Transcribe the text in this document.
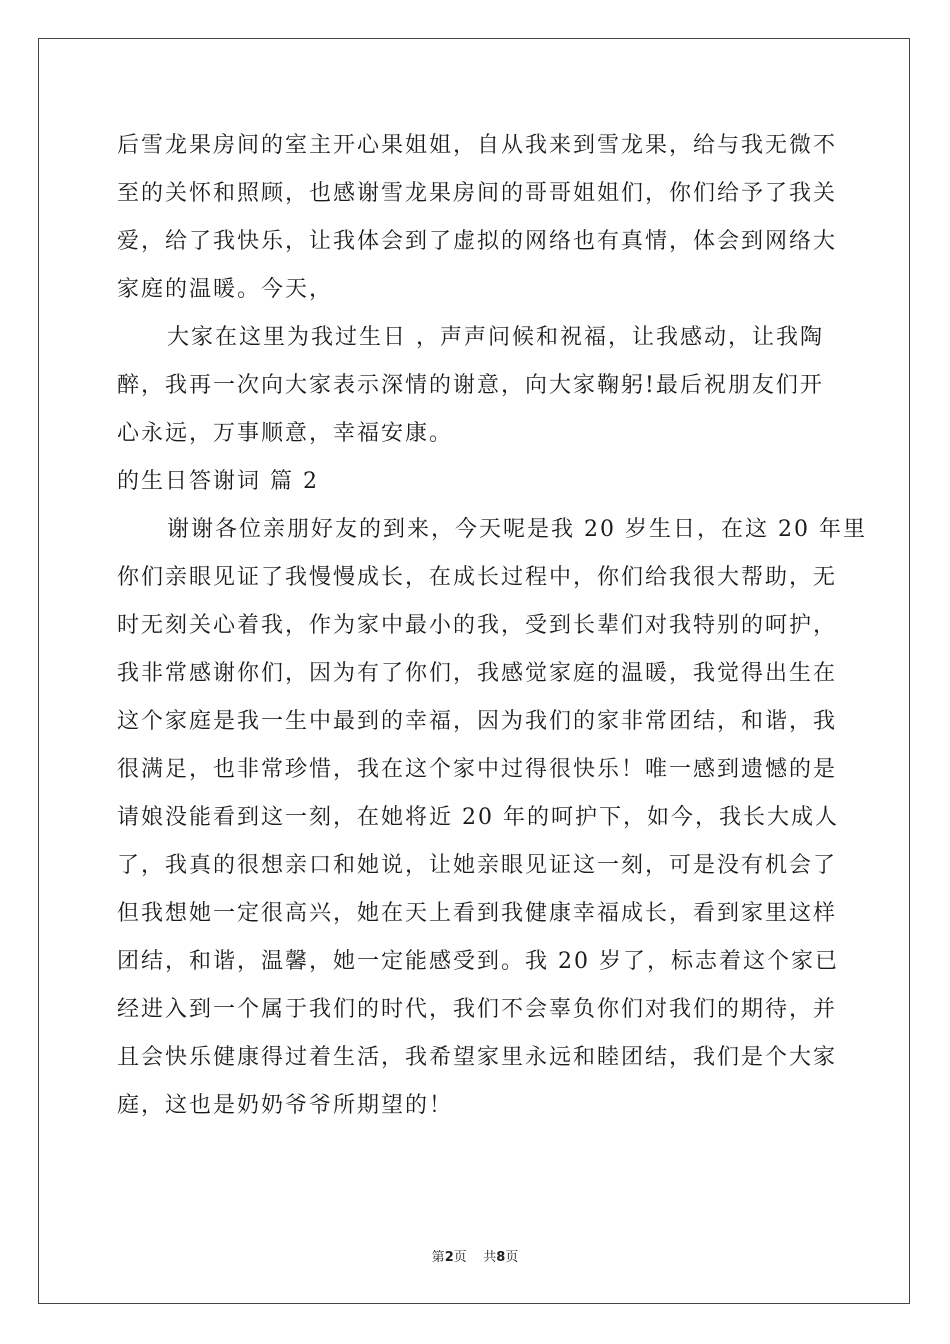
后雪龙果房间的室主开心果姐姐，自从我来到雪龙果，给与我无微不
至的关怀和照顾，也感谢雪龙果房间的哥哥姐姐们，你们给予了我关
爱，给了我快乐，让我体会到了虚拟的网络也有真情，体会到网络大
家庭的温暖。今天，
大家在这里为我过生日 ，声声问候和祝福，让我感动，让我陶
醉，我再一次向大家表示深情的谢意，向大家鞠躬!最后祝朋友们开
心永远，万事顺意，幸福安康。
的生日答谢词 篇 2
谢谢各位亲朋好友的到来，今天呢是我 20 岁生日，在这 20 年里
你们亲眼见证了我慢慢成长，在成长过程中，你们给我很大帮助，无
时无刻关心着我，作为家中最小的我，受到长辈们对我特别的呵护，
我非常感谢你们，因为有了你们，我感觉家庭的温暖，我觉得出生在
这个家庭是我一生中最到的幸福，因为我们的家非常团结，和谐，我
很满足，也非常珍惜，我在这个家中过得很快乐！唯一感到遗憾的是
请娘没能看到这一刻，在她将近 20 年的呵护下，如今，我长大成人
了，我真的很想亲口和她说，让她亲眼见证这一刻，可是没有机会了
但我想她一定很高兴，她在天上看到我健康幸福成长，看到家里这样
团结，和谐，温馨，她一定能感受到。我 20 岁了，标志着这个家已
经进入到一个属于我们的时代，我们不会辜负你们对我们的期待，并
且会快乐健康得过着生活，我希望家里永远和睦团结，我们是个大家
庭，这也是奶奶爷爷所期望的！
第2页    共8页
